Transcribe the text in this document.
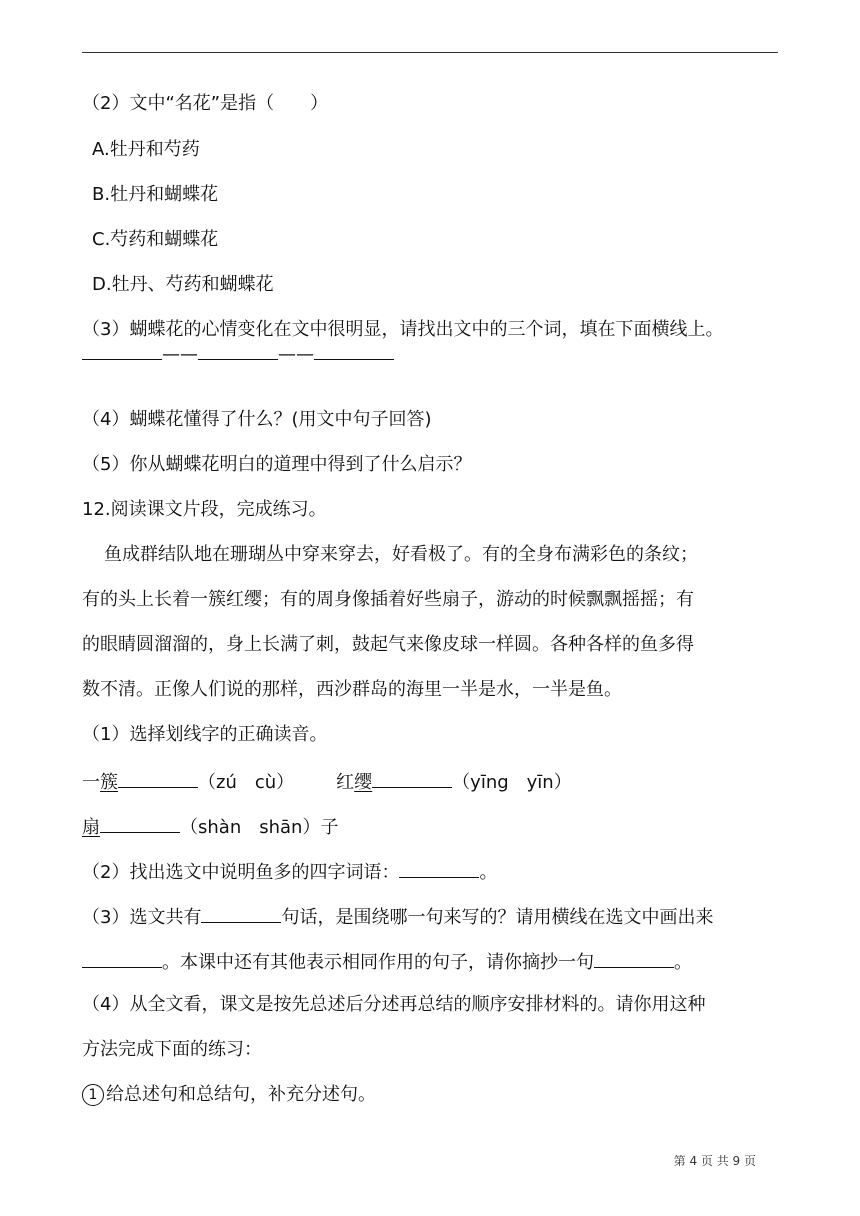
（2）文中“名花”是指（　　）
A.牡丹和芍药
B.牡丹和蝴蝶花
C.芍药和蝴蝶花
D.牡丹、芍药和蝴蝶花
（3）蝴蝶花的心情变化在文中很明显，请找出文中的三个词，填在下面横线上。
——	——
（4）蝴蝶花懂得了什么？(用文中句子回答)
（5）你从蝴蝶花明白的道理中得到了什么启示？
12.阅读课文片段，完成练习。
鱼成群结队地在珊瑚丛中穿来穿去，好看极了。有的全身布满彩色的条纹；
有的头上长着一簇红缨；有的周身像插着好些扇子，游动的时候飘飘摇摇；有
的眼睛圆溜溜的，身上长满了刺，鼓起气来像皮球一样圆。各种各样的鱼多得
数不清。正像人们说的那样，西沙群岛的海里一半是水，一半是鱼。
（1）选择划线字的正确读音。
一簇	（zú　cù） 红缨	（yīng　yīn）
扇	（shàn　shān）子
（2）找出选文中说明鱼多的四字词语：	。
（3）选文共有	句话，是围绕哪一句来写的？请用横线在选文中画出来
。本课中还有其他表示相同作用的句子，请你摘抄一句	。
（4）从全文看，课文是按先总述后分述再总结的顺序安排材料的。请你用这种
方法完成下面的练习：
1 给总述句和总结句，补充分述句。
第 4 页 共 9 页
